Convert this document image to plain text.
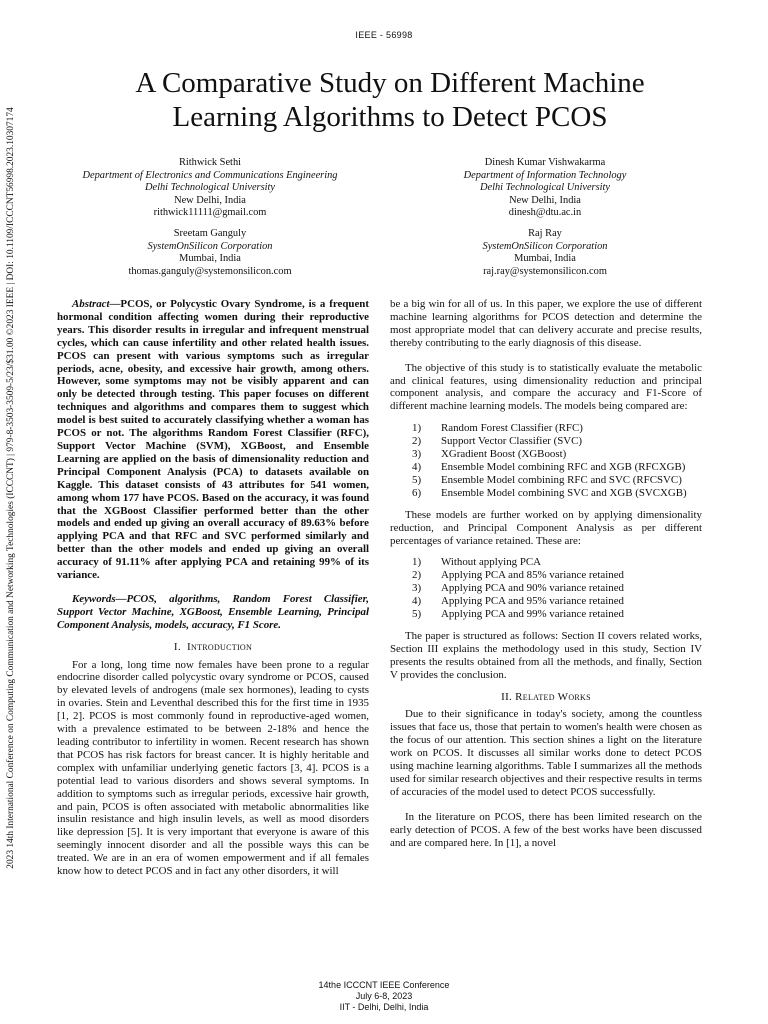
IEEE - 56998
2023 14th International Conference on Computing Communication and Networking Technologies (ICCCNT) | 979-8-3503-3509-5/23/$31.00 ©2023 IEEE | DOI: 10.1109/ICCCNT56998.2023.10307174
A Comparative Study on Different Machine
Learning Algorithms to Detect PCOS
Rithwick Sethi
Department of Electronics and Communications Engineering
Delhi Technological University
New Delhi, India
rithwick11111@gmail.com
Dinesh Kumar Vishwakarma
Department of Information Technology
Delhi Technological University
New Delhi, India
dinesh@dtu.ac.in
Sreetam Ganguly
SystemOnSilicon Corporation
Mumbai, India
thomas.ganguly@systemonsilicon.com
Raj Ray
SystemOnSilicon Corporation
Mumbai, India
raj.ray@systemonsilicon.com

Abstract—PCOS, or Polycystic Ovary Syndrome, is a frequent hormonal condition affecting women during their reproductive years. This disorder results in irregular and infrequent menstrual cycles, which can cause infertility and other related health issues. PCOS can present with various symptoms such as irregular periods, acne, obesity, and excessive hair growth, among others. However, some symptoms may not be visibly apparent and can only be detected through testing. This paper focuses on different techniques and algorithms and compares them to suggest which model is best suited to accurately classifying whether a woman has PCOS or not. The algorithms Random Forest Classifier (RFC), Support Vector Machine (SVM), XGBoost, and Ensemble Learning are applied on the basis of dimensionality reduction and Principal Component Analysis (PCA) to datasets available on Kaggle. This dataset consists of 43 attributes for 541 women, among whom 177 have PCOS. Based on the accuracy, it was found that the XGBoost Classifier performed better than the other models and ended up giving an overall accuracy of 89.63% before applying PCA and that RFC and SVC performed similarly and better than the other models and ended up giving an overall accuracy of 91.11% after applying PCA and retaining 99% of its variance.

Keywords—PCOS, algorithms, Random Forest Classifier, Support Vector Machine, XGBoost, Ensemble Learning, Principal Component Analysis, models, accuracy, F1 Score.

I. Introduction

For a long, long time now females have been prone to a regular endocrine disorder called polycystic ovary syndrome or PCOS, caused by elevated levels of androgens (male sex hormones), leading to cysts in ovaries. Stein and Leventhal described this for the first time in 1935 [1, 2]. PCOS is most commonly found in reproductive-aged women, with a prevalence estimated to be between 2-18% and hence the leading contributor to infertility in women. Recent research has shown that PCOS has risk factors for breast cancer. It is highly heritable and complex with unfamiliar underlying genetic factors [3, 4]. PCOS is a potential lead to various disorders and shows several symptoms. In addition to symptoms such as irregular periods, excessive hair growth, and pain, PCOS is often associated with metabolic abnormalities like insulin resistance and high insulin levels, as well as mood disorders like depression [5]. It is very important that everyone is aware of this seemingly innocent disorder and all the possible ways this can be treated. We are in an era of women empowerment and if all females know how to detect PCOS and in fact any other disorders, it will

be a big win for all of us. In this paper, we explore the use of different machine learning algorithms for PCOS detection and determine the most appropriate model that can delivery accurate and precise results, thereby contributing to the early diagnosis of this disease.

The objective of this study is to statistically evaluate the metabolic and clinical features, using dimensionality reduction and principal component analysis, and compare the accuracy and F1-Score of different machine learning models. The models being compared are:

1)	Random Forest Classifier (RFC)
2)	Support Vector Classifier (SVC)
3)	XGradient Boost (XGBoost)
4)	Ensemble Model combining RFC and XGB (RFCXGB)
5)	Ensemble Model combining RFC and SVC (RFCSVC)
6)	Ensemble Model combining SVC and XGB (SVCXGB)

These models are further worked on by applying dimensionality reduction, and Principal Component Analysis as per different percentages of variance retained. These are:

1)	Without applying PCA
2)	Applying PCA and 85% variance retained
3)	Applying PCA and 90% variance retained
4)	Applying PCA and 95% variance retained
5)	Applying PCA and 99% variance retained

The paper is structured as follows: Section II covers related works, Section III explains the methodology used in this study, Section IV presents the results obtained from all the methods, and finally, Section V provides the conclusion.

II. Related Works

Due to their significance in today's society, among the countless issues that face us, those that pertain to women's health were chosen as the focus of our attention. This section shines a light on the literature work on PCOS. It discusses all similar works done to detect PCOS using machine learning algorithms. Table I summarizes all the methods used for similar research objectives and their respective results in terms of accuracies of the model used to detect PCOS successfully.

In the literature on PCOS, there has been limited research on the early detection of PCOS. A few of the best works have been discussed and are compared here. In [1], a novel

14the ICCCNT IEEE Conference
July 6-8, 2023
IIT - Delhi, Delhi, India
